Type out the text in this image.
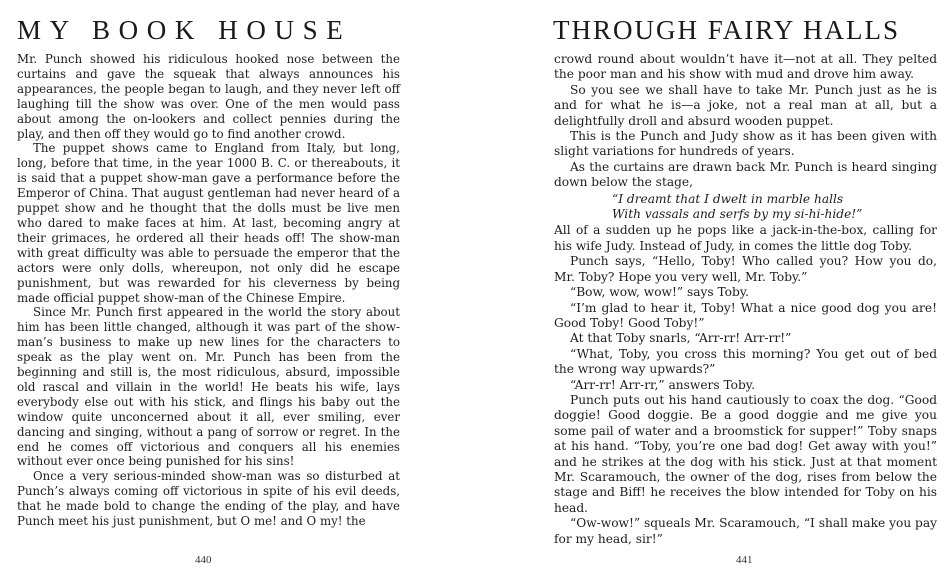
MY BOOK HOUSE

Mr. Punch showed his ridiculous hooked nose between the curtains and gave the squeak that always announces his appearances, the people began to laugh, and they never left off laughing till the show was over. One of the men would pass about among the on-lookers and collect pennies during the play, and then off they would go to find another crowd.

The puppet shows came to England from Italy, but long, long, before that time, in the year 1000 B. C. or thereabouts, it is said that a puppet show-man gave a performance before the Emperor of China. That august gentleman had never heard of a puppet show and he thought that the dolls must be live men who dared to make faces at him. At last, becoming angry at their grimaces, he ordered all their heads off! The show-man with great difficulty was able to persuade the emperor that the actors were only dolls, whereupon, not only did he escape punishment, but was rewarded for his cleverness by being made official puppet show-man of the Chinese Empire.

Since Mr. Punch first appeared in the world the story about him has been little changed, although it was part of the show-man’s business to make up new lines for the characters to speak as the play went on. Mr. Punch has been from the beginning and still is, the most ridiculous, absurd, impossible old rascal and villain in the world! He beats his wife, lays everybody else out with his stick, and flings his baby out the window quite unconcerned about it all, ever smiling, ever dancing and singing, without a pang of sorrow or regret. In the end he comes off victorious and conquers all his enemies without ever once being punished for his sins!

Once a very serious-minded show-man was so disturbed at Punch’s always coming off victorious in spite of his evil deeds, that he made bold to change the ending of the play, and have Punch meet his just punishment, but O me! and O my! the

440
THROUGH FAIRY HALLS

crowd round about wouldn’t have it—not at all. They pelted the poor man and his show with mud and drove him away.

So you see we shall have to take Mr. Punch just as he is and for what he is—a joke, not a real man at all, but a delightfully droll and absurd wooden puppet.

This is the Punch and Judy show as it has been given with slight variations for hundreds of years.

As the curtains are drawn back Mr. Punch is heard singing down below the stage,

“I dreamt that I dwelt in marble halls

With vassals and serfs by my si-hi-hide!”

All of a sudden up he pops like a jack-in-the-box, calling for his wife Judy. Instead of Judy, in comes the little dog Toby.

Punch says, “Hello, Toby! Who called you? How you do, Mr. Toby? Hope you very well, Mr. Toby.”

“Bow, wow, wow!” says Toby.

“I’m glad to hear it, Toby! What a nice good dog you are! Good Toby! Good Toby!”

At that Toby snarls, “Arr-rr! Arr-rr!”

“What, Toby, you cross this morning? You get out of bed the wrong way upwards?”

“Arr-rr! Arr-rr,” answers Toby.

Punch puts out his hand cautiously to coax the dog. “Good doggie! Good doggie. Be a good doggie and me give you some pail of water and a broomstick for supper!” Toby snaps at his hand. “Toby, you’re one bad dog! Get away with you!” and he strikes at the dog with his stick. Just at that moment Mr. Scaramouch, the owner of the dog, rises from below the stage and Biff! he receives the blow intended for Toby on his head.

“Ow-wow!” squeals Mr. Scaramouch, “I shall make you pay for my head, sir!”

441
